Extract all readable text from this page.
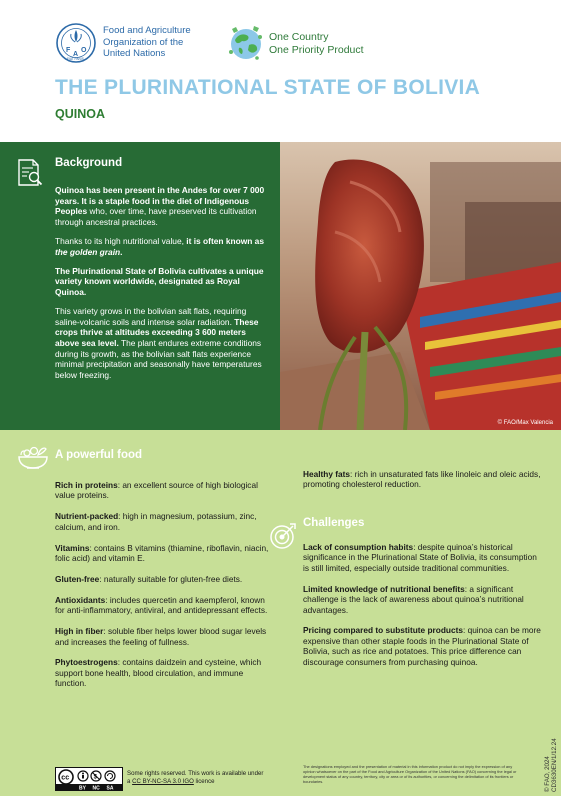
F
A
O
FIAT PANIS
Food and Agriculture
Organization of the
United Nations
One Country
One Priority Product
THE PLURINATIONAL STATE OF BOLIVIA
QUINOA
Background

Quinoa has been present in the Andes for over 7 000 years. It is a staple food in the diet of Indigenous Peoples who, over time, have preserved its cultivation through ancestral practices.

Thanks to its high nutritional value, it is often known as the golden grain.

The Plurinational State of Bolivia cultivates a unique variety known worldwide, designated as Royal Quinoa.

This variety grows in the bolivian salt flats, requiring saline-volcanic soils and intense solar radiation. These crops thrive at altitudes exceeding 3 600 meters above sea level. The plant endures extreme conditions during its growth, as the bolivian salt flats experience minimal precipitation and seasonally have temperatures below freezing.

© FAO/Max Valencia
A powerful food
Rich in proteins: an excellent source of high biological value proteins.
Nutrient-packed: high in magnesium, potassium, zinc, calcium, and iron.
Vitamins: contains B vitamins (thiamine, riboflavin, niacin, folic acid) and vitamin E.
Gluten-free: naturally suitable for gluten-free diets.
Antioxidants: includes quercetin and kaempferol, known for anti-inflammatory, antiviral, and antidepressant effects.
High in fiber: soluble fiber helps lower blood sugar levels and increases the feeling of fullness.
Phytoestrogens: contains daidzein and cysteine, which support bone health, blood circulation, and immune function.
Healthy fats: rich in unsaturated fats like linoleic and oleic acids, promoting cholesterol reduction.
Challenges
Lack of consumption habits: despite quinoa’s historical significance in the Plurinational State of Bolivia, its consumption is still limited, especially outside traditional communities.
Limited knowledge of nutritional benefits: a significant challenge is the lack of awareness about quinoa’s nutritional advantages.
Pricing compared to substitute products: quinoa can be more expensive than other staple foods in the Plurinational State of Bolivia, such as rice and potatoes. This price difference can discourage consumers from purchasing quinoa.
cc	$
BY NC SA
Some rights reserved. This work is available under a CC BY-NC-SA 3.0 IGO licence
The designations employed and the presentation of material in this information product do not imply the expression of any opinion whatsoever on the part of the Food and Agriculture Organization of the United Nations (FAO) concerning the legal or development status of any country, territory, city or area or of its authorities, or concerning the delimitation of its frontiers or boundaries.	© FAO, 2024 CD3630EN/1/12.24
